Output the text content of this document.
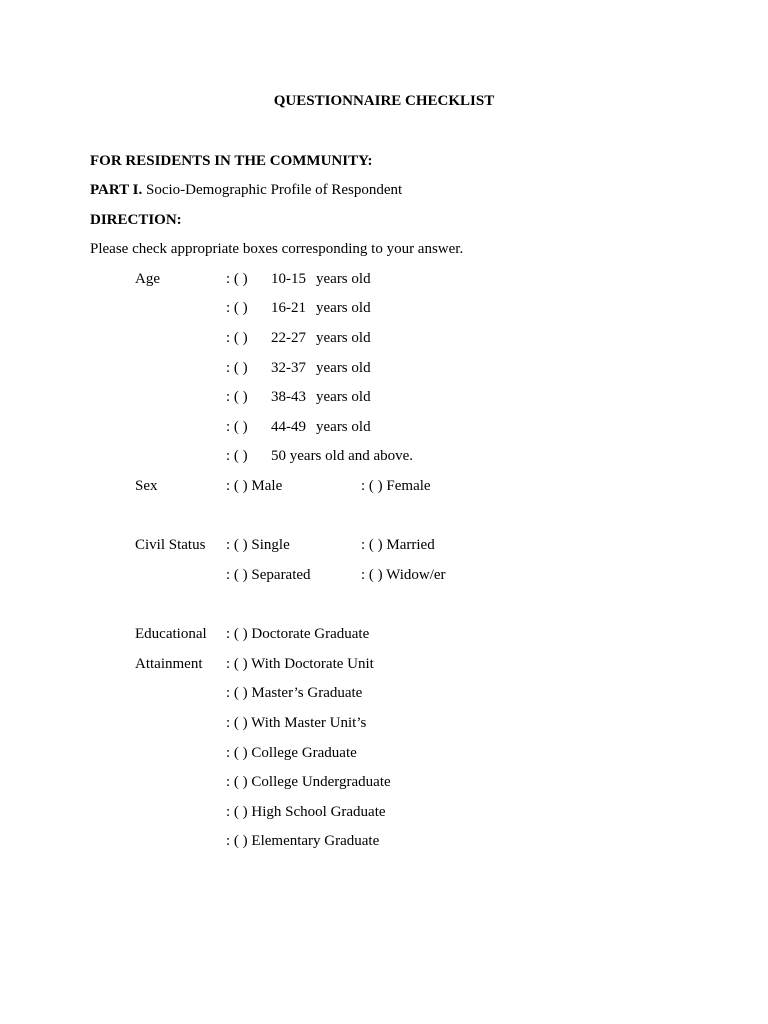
QUESTIONNAIRE CHECKLIST
FOR RESIDENTS IN THE COMMUNITY:
PART I. Socio-Demographic Profile of Respondent
DIRECTION:
Please check appropriate boxes corresponding to your answer.
Age	: ( ) 10-15 years old
: ( ) 16-21 years old
: ( ) 22-27 years old
: ( ) 32-37 years old
: ( ) 38-43 years old
: ( ) 44-49 years old
: ( ) 50 years old and above.
Sex	: ( ) Male	: ( ) Female
Civil Status : ( ) Single	: ( ) Married
: ( ) Separated	: ( ) Widow/er
Educational
Attainment
: ( ) Doctorate Graduate
: ( ) With Doctorate Unit
: ( ) Master’s Graduate
: ( ) With Master Unit’s
: ( ) College Graduate
: ( ) College Undergraduate
: ( ) High School Graduate
: ( ) Elementary Graduate
